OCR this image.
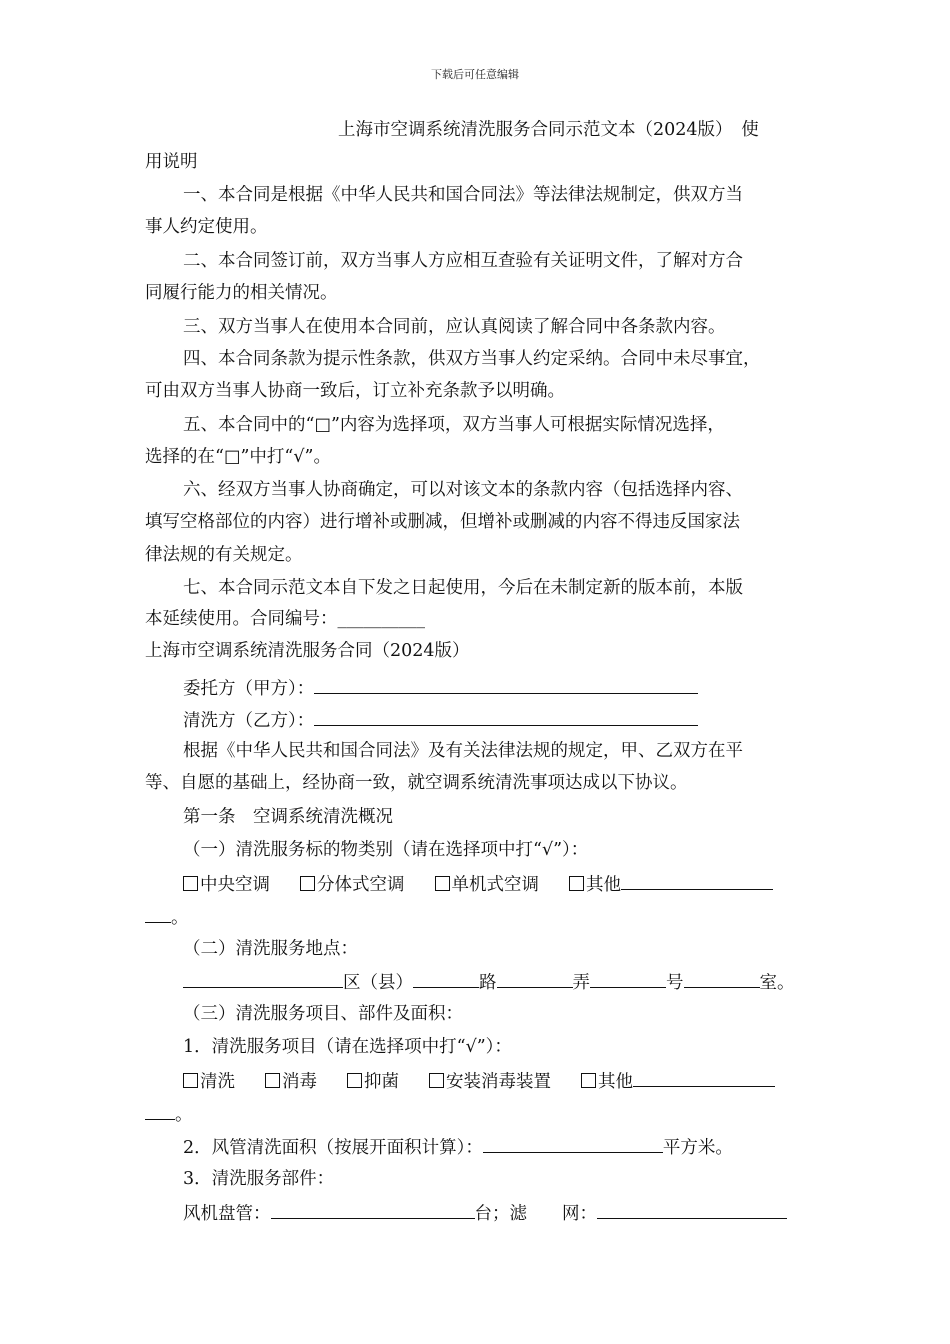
下载后可任意编辑
上海市空调系统清洗服务合同示范文本（2024版）　使
用说明
一、本合同是根据《中华人民共和国合同法》等法律法规制定，供双方当
事人约定使用。
二、本合同签订前，双方当事人方应相互查验有关证明文件，了解对方合
同履行能力的相关情况。
三、双方当事人在使用本合同前，应认真阅读了解合同中各条款内容。
四、本合同条款为提示性条款，供双方当事人约定采纳。合同中未尽事宜，
可由双方当事人协商一致后，订立补充条款予以明确。
五、本合同中的“□”内容为选择项，双方当事人可根据实际情况选择，
选择的在“□”中打“√”。
六、经双方当事人协商确定，可以对该文本的条款内容（包括选择内容、
填写空格部位的内容）进行增补或删减，但增补或删减的内容不得违反国家法
律法规的有关规定。
七、本合同示范文本自下发之日起使用，今后在未制定新的版本前，本版
本延续使用。合同编号：__________
上海市空调系统清洗服务合同（2024版）
委托方（甲方）：
清洗方（乙方）：
根据《中华人民共和国合同法》及有关法律法规的规定，甲、乙双方在平
等、自愿的基础上，经协商一致，就空调系统清洗事项达成以下协议。
第一条　空调系统清洗概况
（一）清洗服务标的物类别（请在选择项中打“√”）：
中央空调	分体式空调	单机式空调	其他
。
（二）清洗服务地点：
区（县）	路	弄	号	室。
（三）清洗服务项目、部件及面积：
1．清洗服务项目（请在选择项中打“√”）：
清洗	消毒	抑菌	安装消毒装置	其他
。
2．风管清洗面积（按展开面积计算）：	平方米。
3．清洗服务部件：
风机盘管：	台；滤　　网：
